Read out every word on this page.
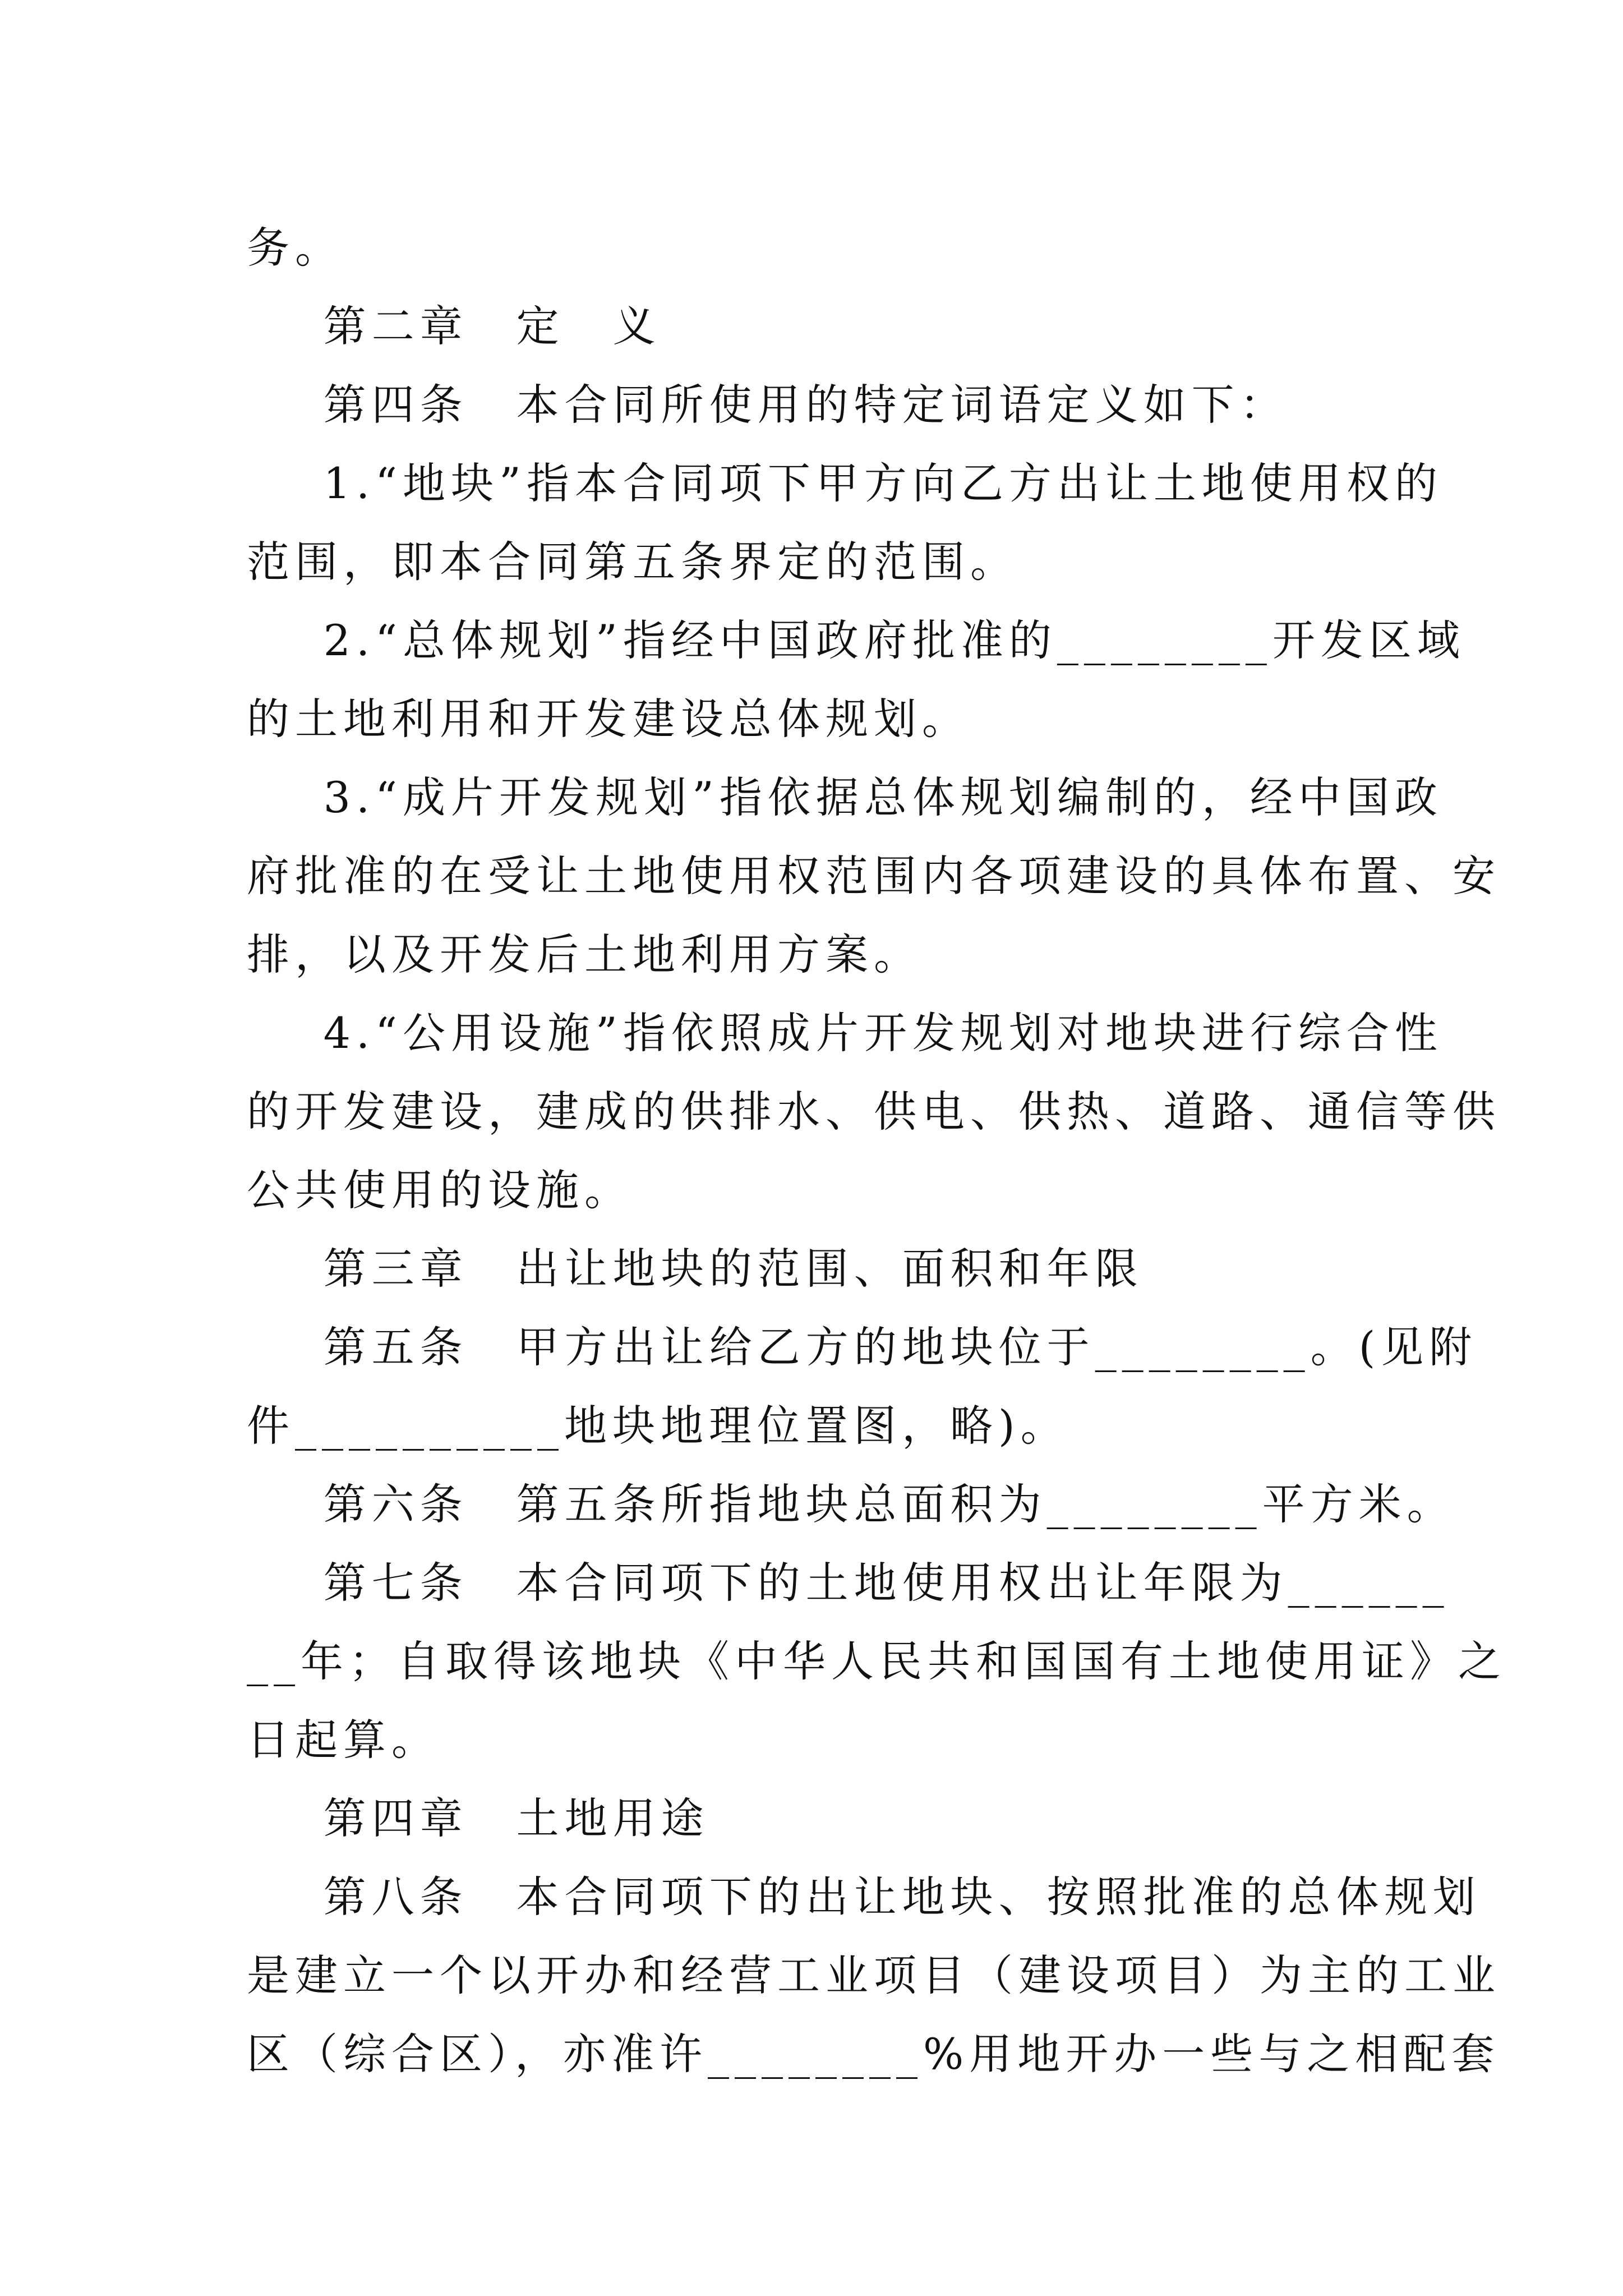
务。
第二章　定　义
第四条　本合同所使用的特定词语定义如下：
1.“地块”指本合同项下甲方向乙方出让土地使用权的
范围，即本合同第五条界定的范围。
2.“总体规划”指经中国政府批准的________开发区域
的土地利用和开发建设总体规划。
3.“成片开发规划”指依据总体规划编制的，经中国政
府批准的在受让土地使用权范围内各项建设的具体布置、安
排，以及开发后土地利用方案。
4.“公用设施”指依照成片开发规划对地块进行综合性
的开发建设，建成的供排水、供电、供热、道路、通信等供
公共使用的设施。
第三章　出让地块的范围、面积和年限
第五条　甲方出让给乙方的地块位于________。(见附
件__________地块地理位置图，略)。
第六条　第五条所指地块总面积为________平方米。
第七条　本合同项下的土地使用权出让年限为______
__年；自取得该地块《中华人民共和国国有土地使用证》之
日起算。
第四章　土地用途
第八条　本合同项下的出让地块、按照批准的总体规划
是建立一个以开办和经营工业项目（建设项目）为主的工业
区（综合区），亦准许________%用地开办一些与之相配套
